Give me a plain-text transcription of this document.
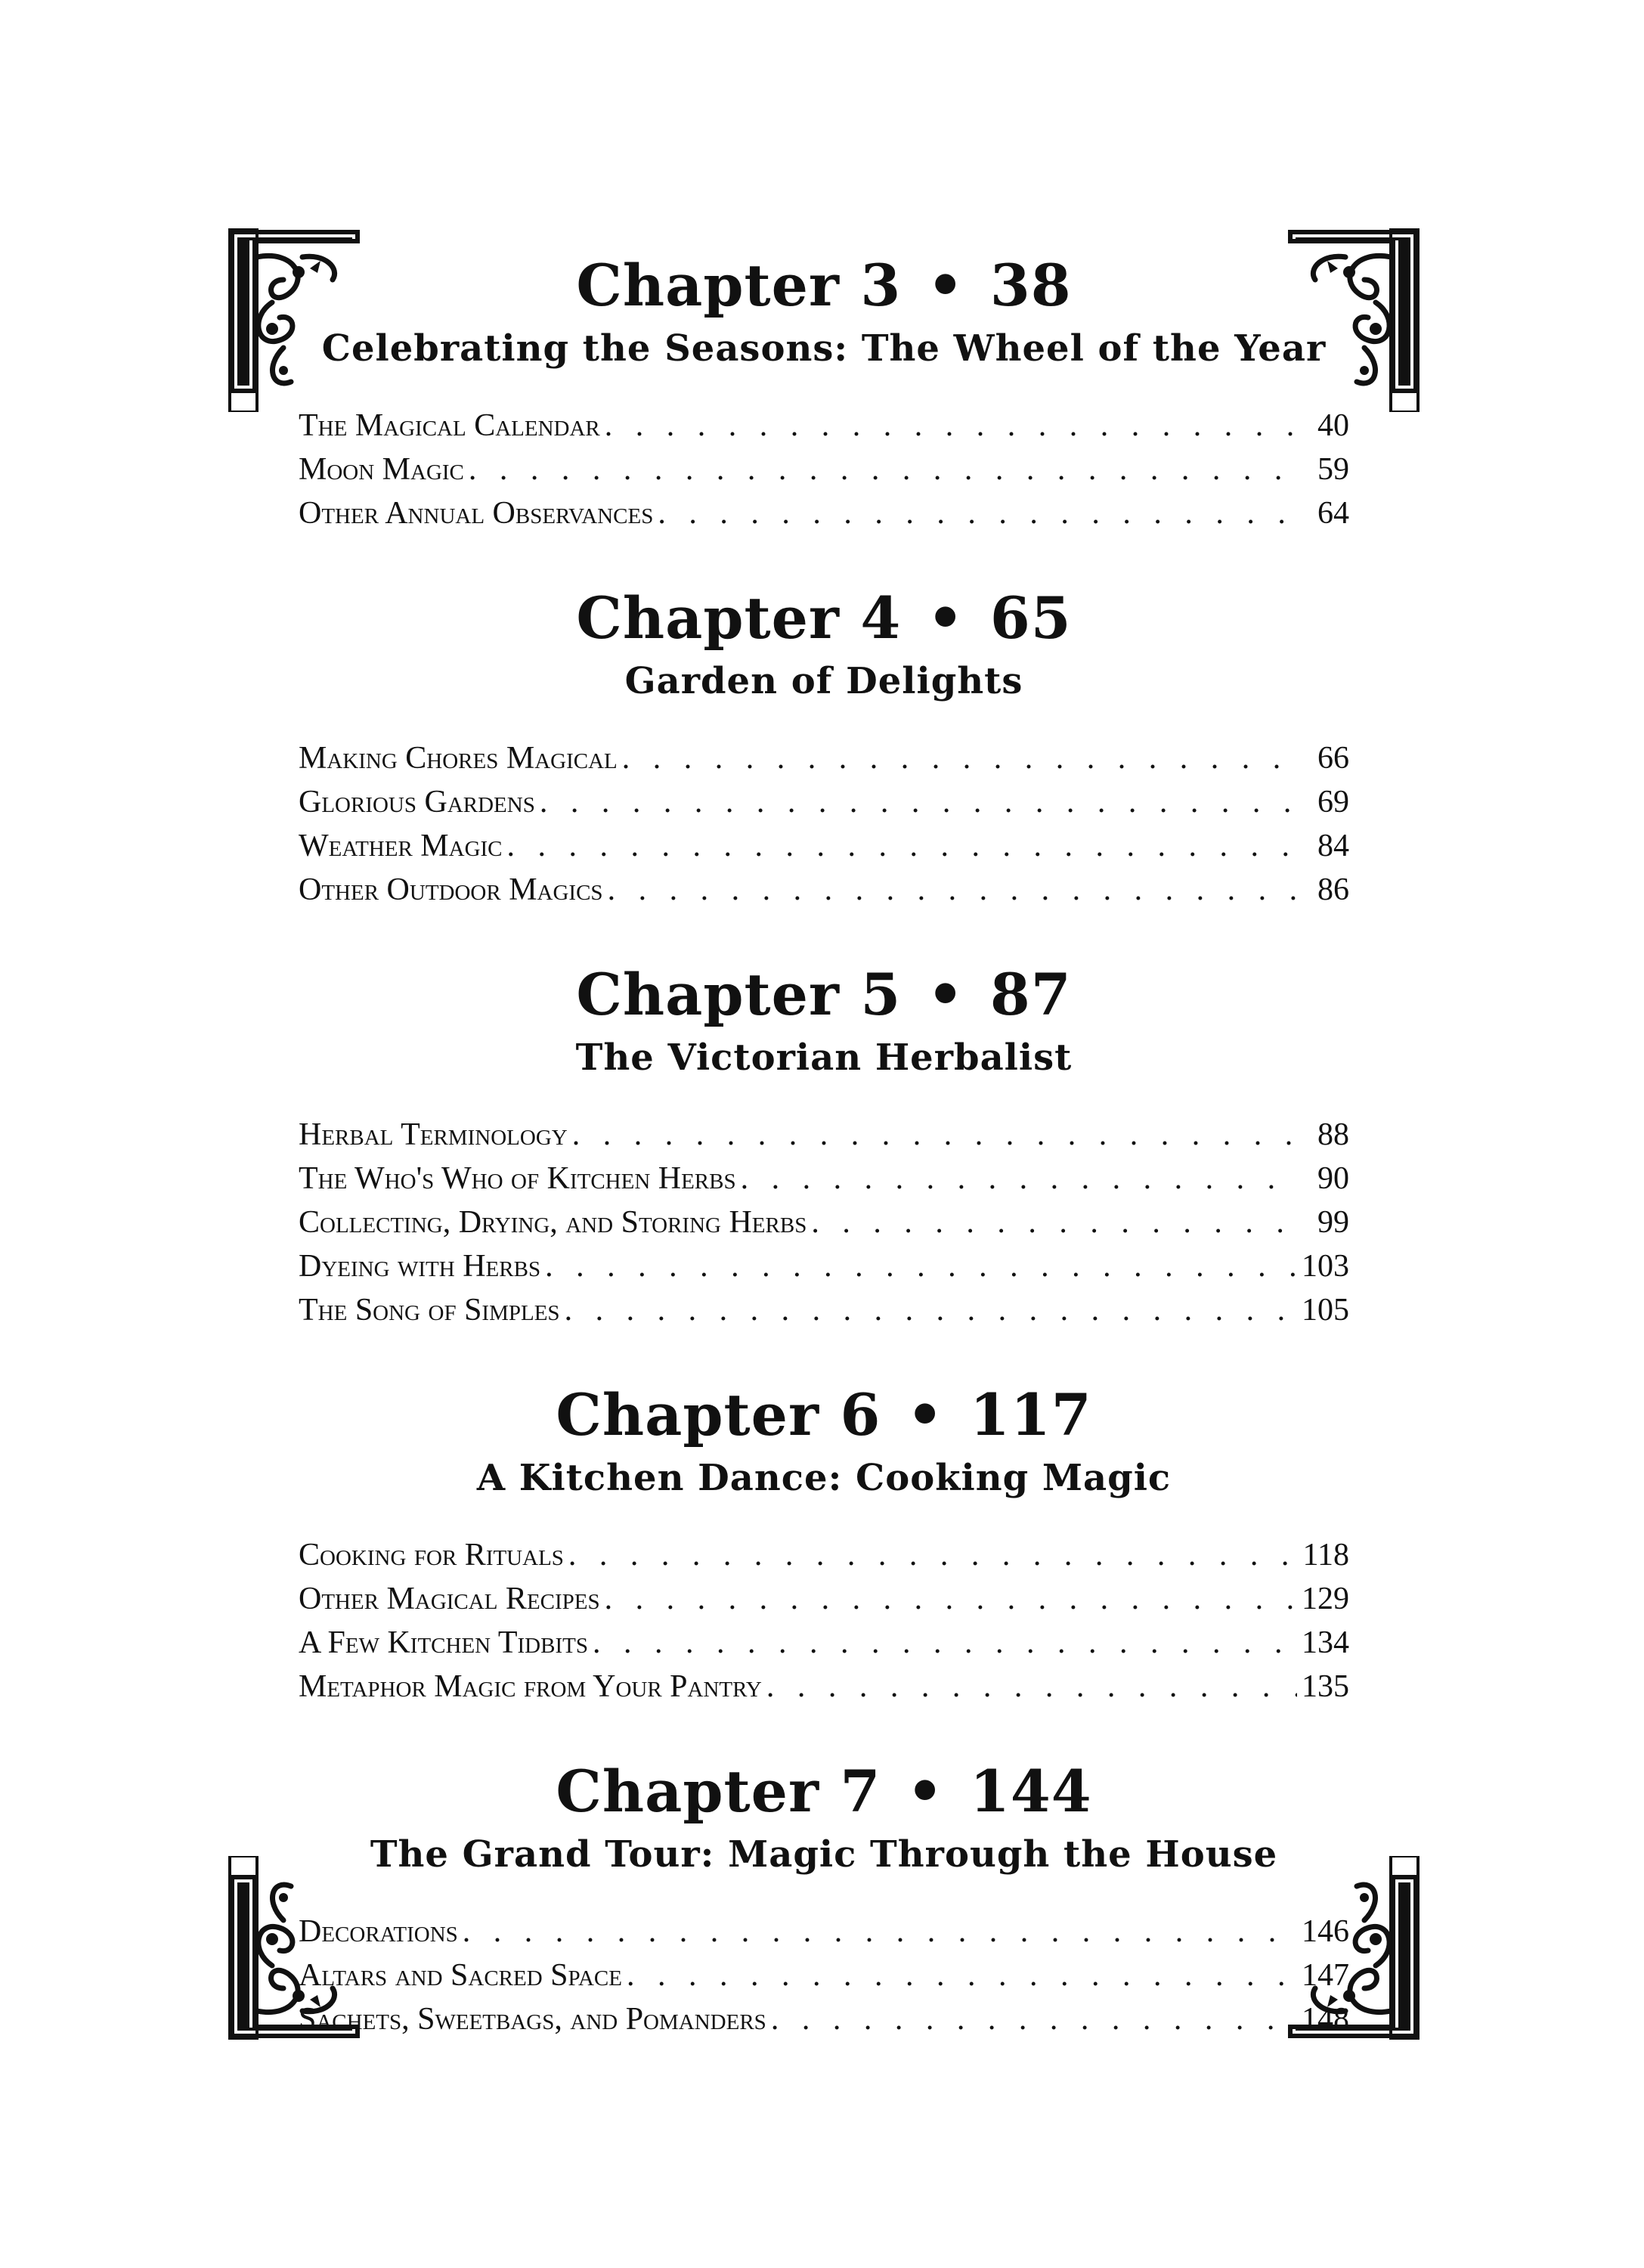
Chapter 3 • 38
Celebrating the Seasons: The Wheel of the Year
The Magical Calendar . . .	40
Moon Magic . . .	59
Other Annual Observances . . .	64
Chapter 4 • 65
Garden of Delights
Making Chores Magical . . .	66
Glorious Gardens . . .	69
Weather Magic . . .	84
Other Outdoor Magics . . .	86
Chapter 5 • 87
The Victorian Herbalist
Herbal Terminology . . .	88
The Who's Who of Kitchen Herbs . . .	90
Collecting, Drying, and Storing Herbs . . .	99
Dyeing with Herbs . . .	103
The Song of Simples . . .	105
Chapter 6 • 117
A Kitchen Dance: Cooking Magic
Cooking for Rituals . . .	118
Other Magical Recipes . . .	129
A Few Kitchen Tidbits . . .	134
Metaphor Magic from Your Pantry . . .	135
Chapter 7 • 144
The Grand Tour: Magic Through the House
Decorations . . .	146
Altars and Sacred Space . . .	147
Sachets, Sweetbags, and Pomanders . . .	148
